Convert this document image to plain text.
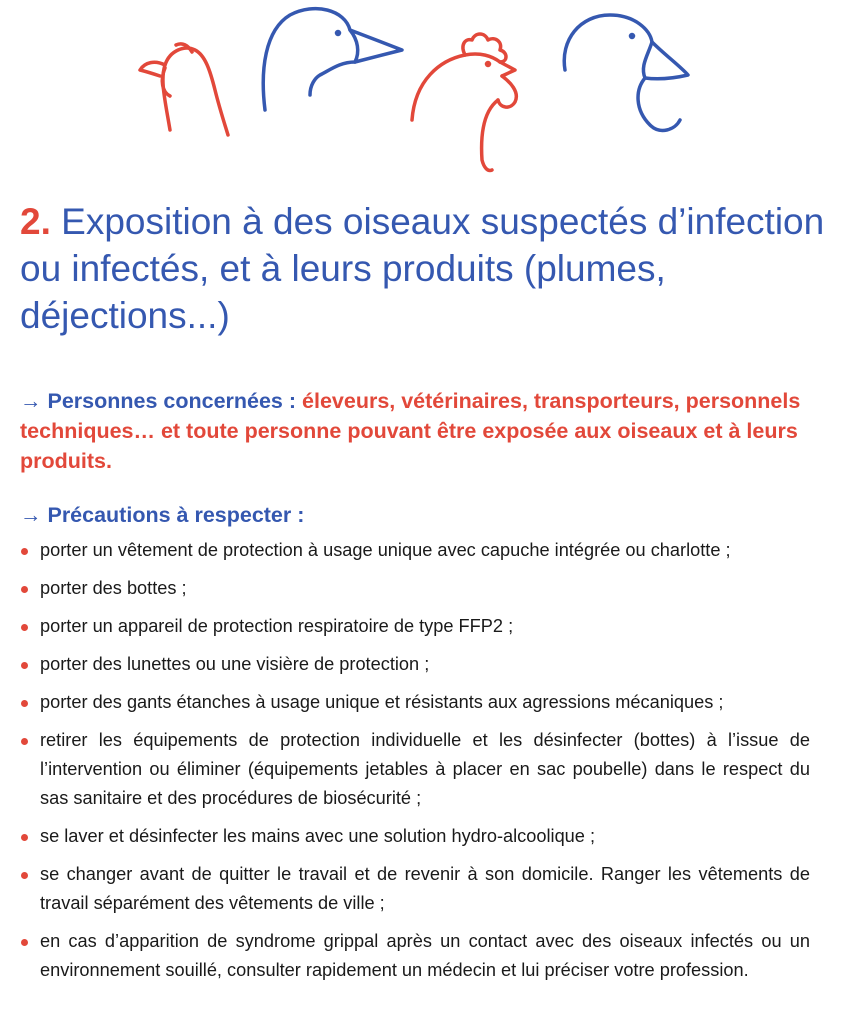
2. Exposition à des oiseaux suspectés d’infection ou infectés, et à leurs produits (plumes, déjections...)

→ Personnes concernées : éleveurs, vétérinaires, transporteurs, personnels techniques… et toute personne pouvant être exposée aux oiseaux et à leurs produits.

→ Précautions à respecter :

porter un vêtement de protection à usage unique avec capuche intégrée ou charlotte ;
porter des bottes ;
porter un appareil de protection respiratoire de type FFP2 ;
porter des lunettes ou une visière de protection ;
porter des gants étanches à usage unique et résistants aux agressions mécaniques ;
retirer les équipements de protection individuelle et les désinfecter (bottes) à l’issue de l’intervention ou éliminer (équipements jetables à placer en sac poubelle) dans le respect du sas sanitaire et des procédures de biosécurité ;
se laver et désinfecter les mains avec une solution hydro-alcoolique ;
se changer avant de quitter le travail et de revenir à son domicile. Ranger les vêtements de travail séparément des vêtements de ville ;
en cas d’apparition de syndrome grippal après un contact avec des oiseaux infectés ou un environnement souillé, consulter rapidement un médecin et lui préciser votre profession.
